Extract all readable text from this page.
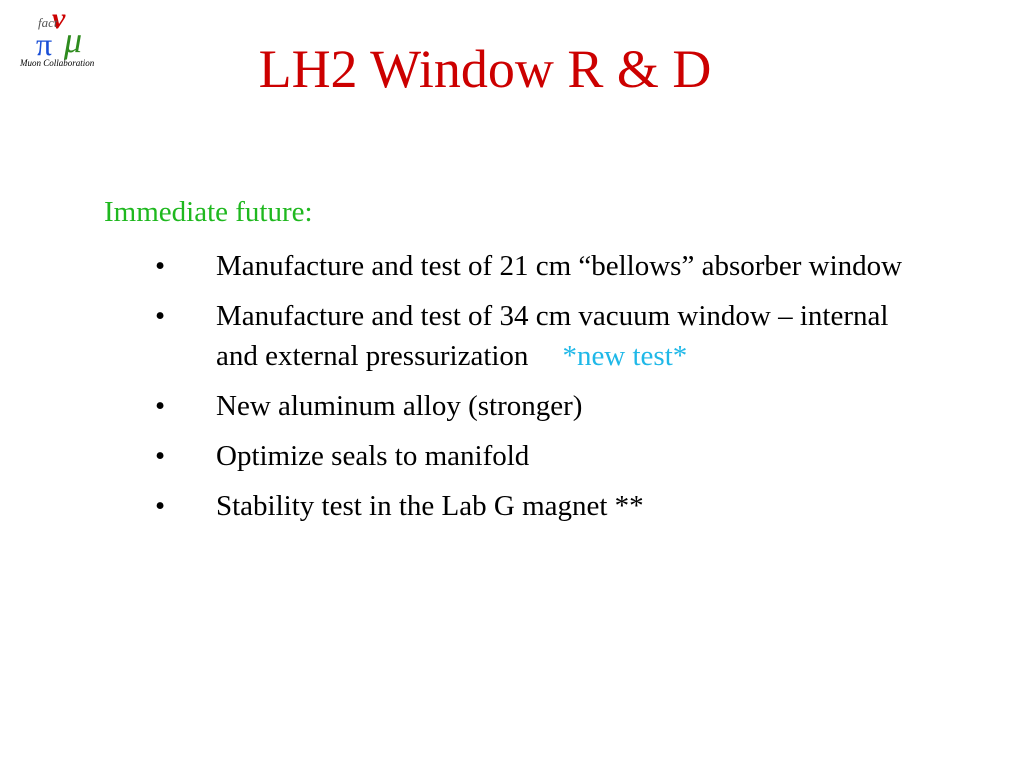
ν
fact
π μ
Muon Collaboration	LH2 Window R & D

Immediate future:

• Manufacture and test of 21 cm “bellows” absorber window
• Manufacture and test of 34 cm vacuum window – internal and external pressurization *new test*
• New aluminum alloy (stronger)
• Optimize seals to manifold
• Stability test in the Lab G magnet **
